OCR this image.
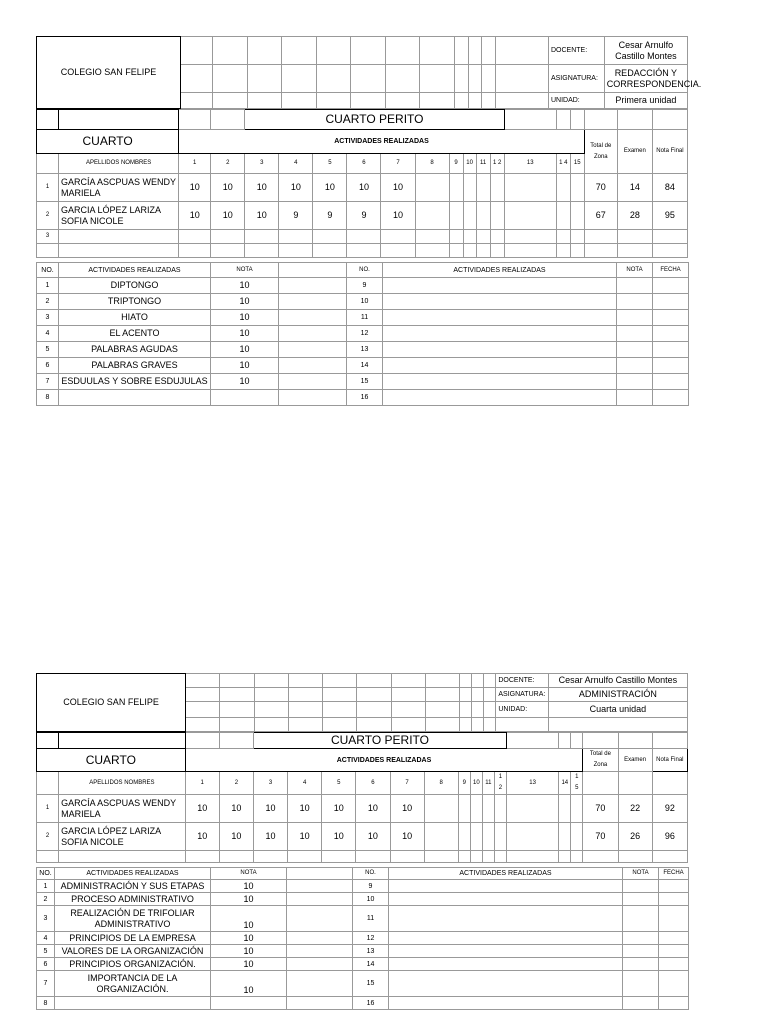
COLEGIO SAN FELIPE													DOCENTE:	Cesar Arnulfo Castillo Montes
													ASIGNATURA:	REDACCIÓN Y CORRESPONDENCIA.
													UNIDAD:	Primera unidad
				CUARTO PERITO															
CUARTO		ACTIVIDADES REALIZADAS															Total de Zona	Examen	Nota Final
	APELLIDOS NOMBRES	1	2	3	4	5	6	7	8	9	10	11	1 2	13	1 4	15			
1	GARCÍA ASCPUAS WENDY MARIELA	10	10	10	10	10	10	10									70	14	84
2	GARCIA LÓPEZ LARIZA SOFIA NICOLE	10	10	10	9	9	9	10									67	28	95
3																			

NO.	ACTIVIDADES REALIZADAS	NOTA		NO.	ACTIVIDADES REALIZADAS	NOTA	FECHA
1	DIPTONGO	10		9			
2	TRIPTONGO	10		10			
3	HIATO	10		11			
4	EL ACENTO	10		12			
5	PALABRAS AGUDAS	10		13			
6	PALABRAS GRAVES	10		14			
7	ESDUULAS Y SOBRE ESDUJULAS	10		15			
8				16			
COLEGIO SAN FELIPE												DOCENTE:	Cesar Arnulfo Castillo Montes
												ASIGNATURA:	ADMINISTRACIÓN
												UNIDAD:	Cuarta unidad

				CUARTO PERITO															
CUARTO		ACTIVIDADES REALIZADAS															Total de Zona	Examen	Nota Final
	APELLIDOS NOMBRES	1	2	3	4	5	6	7	8	9	10	11	1 2	13	14	1 5			
1	GARCÍA ASCPUAS WENDY MARIELA	10	10	10	10	10	10	10									70	22	92
2	GARCIA LÓPEZ LARIZA SOFIA NICOLE	10	10	10	10	10	10	10									70	26	96

NO.	ACTIVIDADES REALIZADAS	NOTA		NO.	ACTIVIDADES REALIZADAS	NOTA	FECHA
1	ADMINISTRACIÓN Y SUS ETAPAS	10		9			
2	PROCESO ADMINISTRATIVO	10		10			
3	REALIZACIÓN DE TRIFOLIAR ADMINISTRATIVO	10		11			
4	PRINCIPIOS DE LA EMPRESA	10		12			
5	VALORES DE LA ORGANIZACIÓN	10		13			
6	PRINCIPIOS ORGANIZACIÓN.	10		14			
7	IMPORTANCIA DE LA ORGANIZACIÓN.	10		15			
8				16			
